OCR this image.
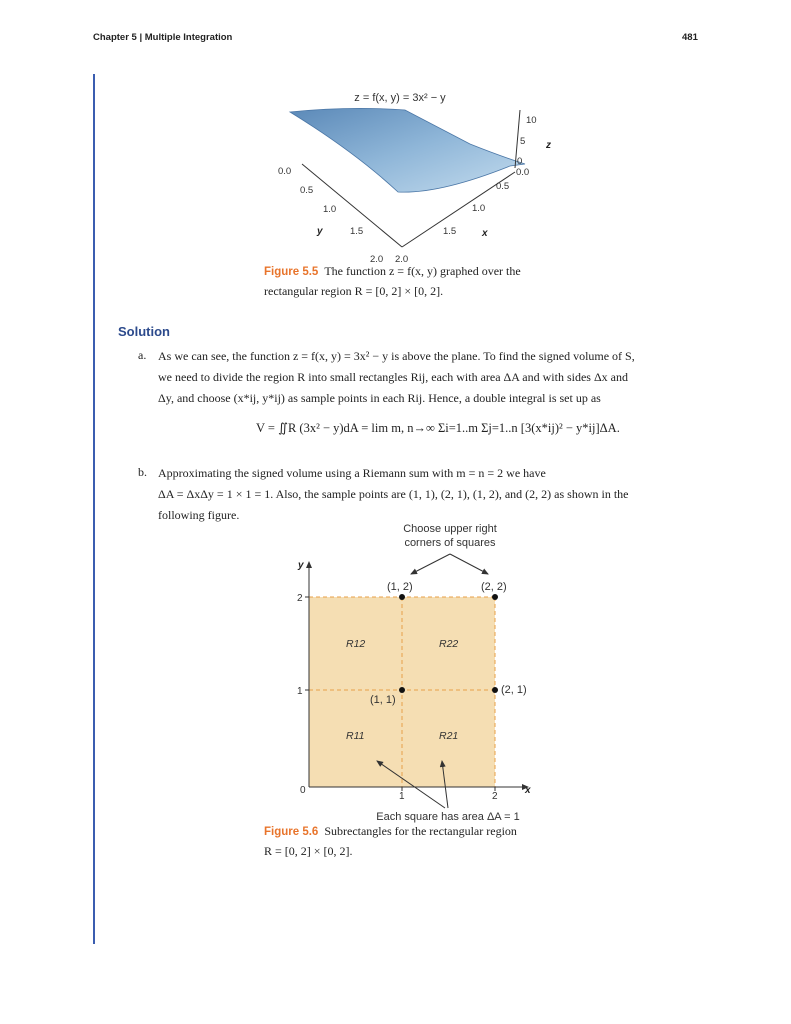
Chapter 5 | Multiple Integration	481
z = f(x, y) = 3x² − y
0.0
0.5
1.0
1.5
2.0 2.0
1.5
1.0
0.5
0.0
0
5
10
y	x
z
Figure 5.5 The function z = f(x, y) graphed over the
rectangular region R = [0, 2] × [0, 2].
Solution
a. As we can see, the function z = f(x, y) = 3x² − y is above the plane. To find the signed volume of S,
we need to divide the region R into small rectangles Rij, each with area ΔA and with sides Δx and
Δy, and choose (x*ij, y*ij) as sample points in each Rij. Hence, a double integral is set up as
V = ∬R (3x² − y)dA = lim m, n→∞ Σi=1..m Σj=1..n [3(x*ij)² − y*ij]ΔA.
b. Approximating the signed volume using a Riemann sum with m = n = 2 we have
ΔA = ΔxΔy = 1 × 1 = 1. Also, the sample points are (1, 1), (2, 1), (1, 2), and (2, 2) as shown in the
following figure.
Choose upper right
corners of squares
y
x
2
1
0
1	2
R12	R22
R11	R21
(1, 2)	(2, 2)
(1, 1)
(2, 1)
Each square has area ΔA = 1
Figure 5.6 Subrectangles for the rectangular region
R = [0, 2] × [0, 2].
